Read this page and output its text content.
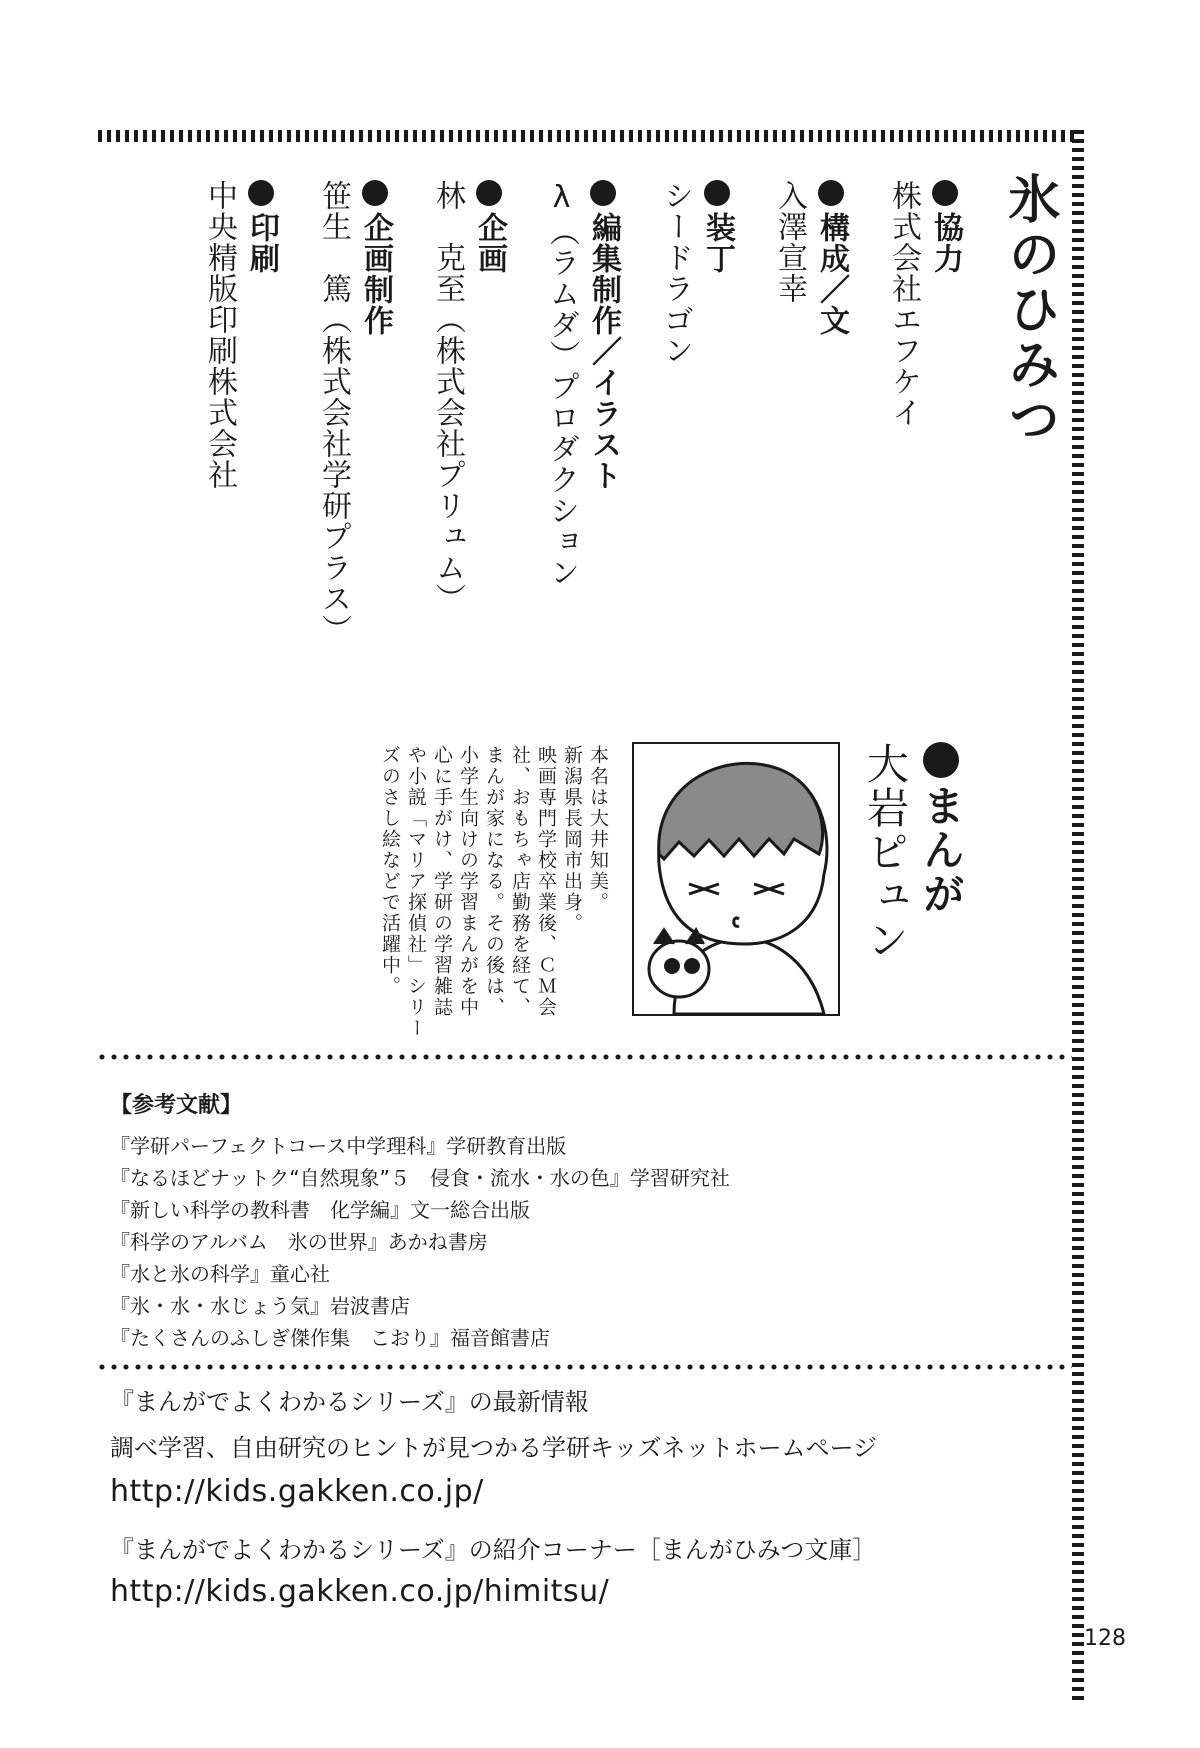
氷のひみつ
協力
株式会社エフケイ
構成／文
入澤宣幸
装丁
シードラゴン
編集制作／イラスト
λ（ラムダ）プロダクション
企画
林　克至（株式会社プリュム）
企画制作
笹生　篤（株式会社学研プラス）
印刷
中央精版印刷株式会社
まんが
大岩ピュン
本名は大井知美。
新潟県長岡市出身。
映画専門学校卒業後、ＣＭ会
社、おもちゃ店勤務を経て、
まんが家になる。その後は、
小学生向けの学習まんがを中
心に手がけ、学研の学習雑誌
や小説「マリア探偵社」シリー
ズのさし絵などで活躍中。
【参考文献】
『学研パーフェクトコース中学理科』学研教育出版
『なるほどナットク“自然現象”５　侵食・流水・水の色』学習研究社
『新しい科学の教科書　化学編』文一総合出版
『科学のアルバム　氷の世界』あかね書房
『水と氷の科学』童心社
『氷・水・水じょう気』岩波書店
『たくさんのふしぎ傑作集　こおり』福音館書店
『まんがでよくわかるシリーズ』の最新情報
調べ学習、自由研究のヒントが見つかる学研キッズネットホームページ
http://kids.gakken.co.jp/
『まんがでよくわかるシリーズ』の紹介コーナー［まんがひみつ文庫］
http://kids.gakken.co.jp/himitsu/
128
